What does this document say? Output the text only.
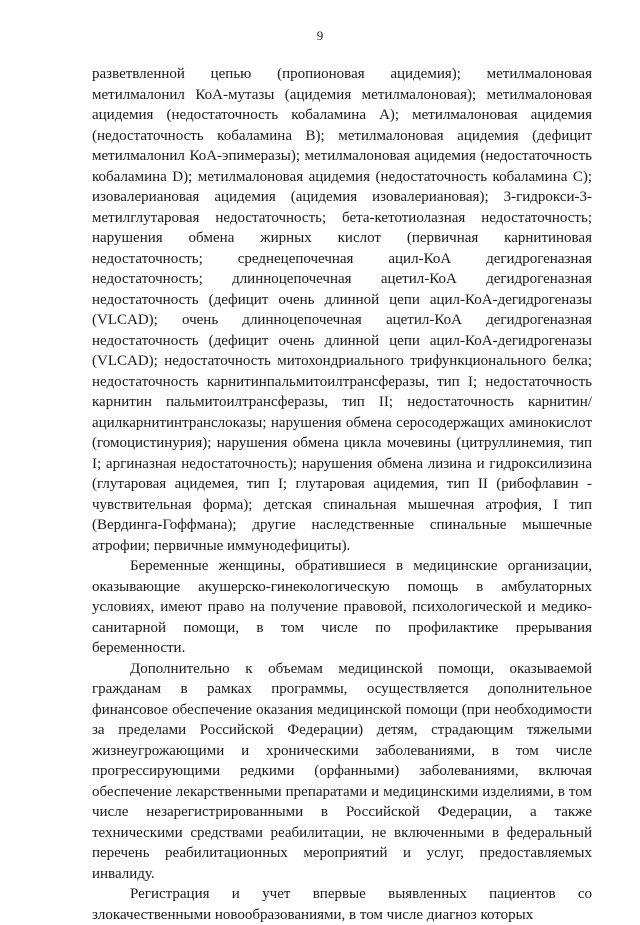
9

разветвленной цепью (пропионовая ацидемия); метилмалоновая метилмалонил КоА-мутазы (ацидемия метилмалоновая); метилмалоновая ацидемия (недостаточность кобаламина А); метилмалоновая ацидемия (недостаточность кобаламина В); метилмалоновая ацидемия (дефицит метилмалонил КоА-эпимеразы); метилмалоновая ацидемия (недостаточность кобаламина D); метилмалоновая ацидемия (недостаточность кобаламина С); изовалериановая ацидемия (ацидемия изовалериановая); 3-гидрокси-3-метилглутаровая недостаточность; бета-кетотиолазная недостаточность; нарушения обмена жирных кислот (первичная карнитиновая недостаточность; среднецепочечная ацил-КоА дегидрогеназная недостаточность; длинноцепочечная ацетил-КоА дегидрогеназная недостаточность (дефицит очень длинной цепи ацил-КоА-дегидрогеназы (VLCAD); очень длинноцепочечная ацетил-КоА дегидрогеназная недостаточность (дефицит очень длинной цепи ацил-КоА-дегидрогеназы (VLCAD); недостаточность митохондриального трифункционального белка; недостаточность карнитинпальмитоилтрансферазы, тип I; недостаточность карнитин пальмитоилтрансферазы, тип II; недостаточность карнитин/ацилкарнитинтранслоказы; нарушения обмена серосодержащих аминокислот (гомоцистинурия); нарушения обмена цикла мочевины (цитруллинемия, тип I; аргиназная недостаточность); нарушения обмена лизина и гидроксилизина (глутаровая ацидемея, тип I; глутаровая ацидемия, тип II (рибофлавин - чувствительная форма); детская спинальная мышечная атрофия, I тип (Вердинга-Гоффмана); другие наследственные спинальные мышечные атрофии; первичные иммунодефициты).

Беременные женщины, обратившиеся в медицинские организации, оказывающие акушерско-гинекологическую помощь в амбулаторных условиях, имеют право на получение правовой, психологической и медико-санитарной помощи, в том числе по профилактике прерывания беременности.

Дополнительно к объемам медицинской помощи, оказываемой гражданам в рамках программы, осуществляется дополнительное финансовое обеспечение оказания медицинской помощи (при необходимости за пределами Российской Федерации) детям, страдающим тяжелыми жизнеугрожающими и хроническими заболеваниями, в том числе прогрессирующими редкими (орфанными) заболеваниями, включая обеспечение лекарственными препаратами и медицинскими изделиями, в том числе незарегистрированными в Российской Федерации, а также техническими средствами реабилитации, не включенными в федеральный перечень реабилитационных мероприятий и услуг, предоставляемых инвалиду.

Регистрация и учет впервые выявленных пациентов со злокачественными новообразованиями, в том числе диагноз которых
